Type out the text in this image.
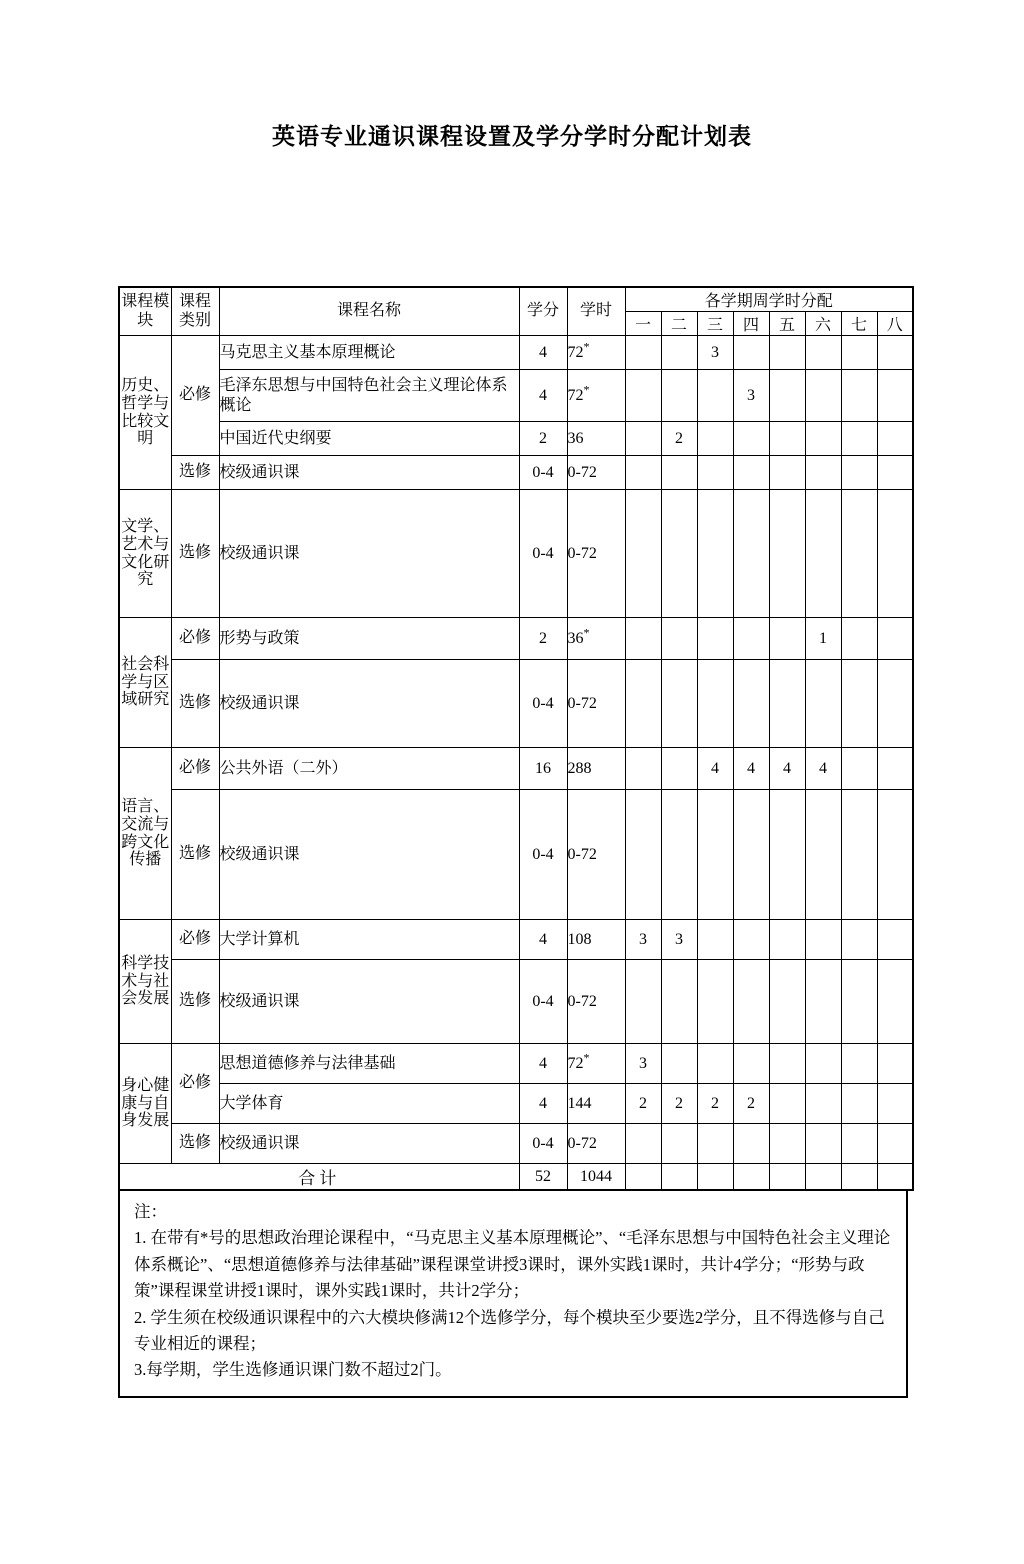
英语专业通识课程设置及学分学时分配计划表
课程模块	课程类别	课程名称	学分	学时	各学期周学时分配							
					一	二	三	四	五	六	七	八
历史、哲学与比较文明	必修	马克思主义基本原理概论	4	72*			3					
		毛泽东思想与中国特色社会主义理论体系概论	4	72*				3				
		中国近代史纲要	2	36		2						
	选修	校级通识课	0-4	0-72								
文学、艺术与文化研究	选修	校级通识课	0-4	0-72								
社会科学与区域研究	必修	形势与政策	2	36*						1		
	选修	校级通识课	0-4	0-72								
语言、交流与跨文化传播	必修	公共外语（二外）	16	288			4	4	4	4		
	选修	校级通识课	0-4	0-72								
科学技术与社会发展	必修	大学计算机	4	108	3	3						
	选修	校级通识课	0-4	0-72								
身心健康与自身发展	必修	思想道德修养与法律基础	4	72*	3							
		大学体育	4	144	2	2	2	2				
	选修	校级通识课	0-4	0-72								
合计			52	1044								
注：
1. 在带有*号的思想政治理论课程中，“马克思主义基本原理概论”、“毛泽东思想与中国特色社会主义理论体系概论”、“思想道德修养与法律基础”课程课堂讲授3课时，课外实践1课时，共计4学分；“形势与政策”课程课堂讲授1课时，课外实践1课时，共计2学分；
2. 学生须在校级通识课程中的六大模块修满12个选修学分，每个模块至少要选2学分，且不得选修与自己专业相近的课程；
3.每学期，学生选修通识课门数不超过2门。
